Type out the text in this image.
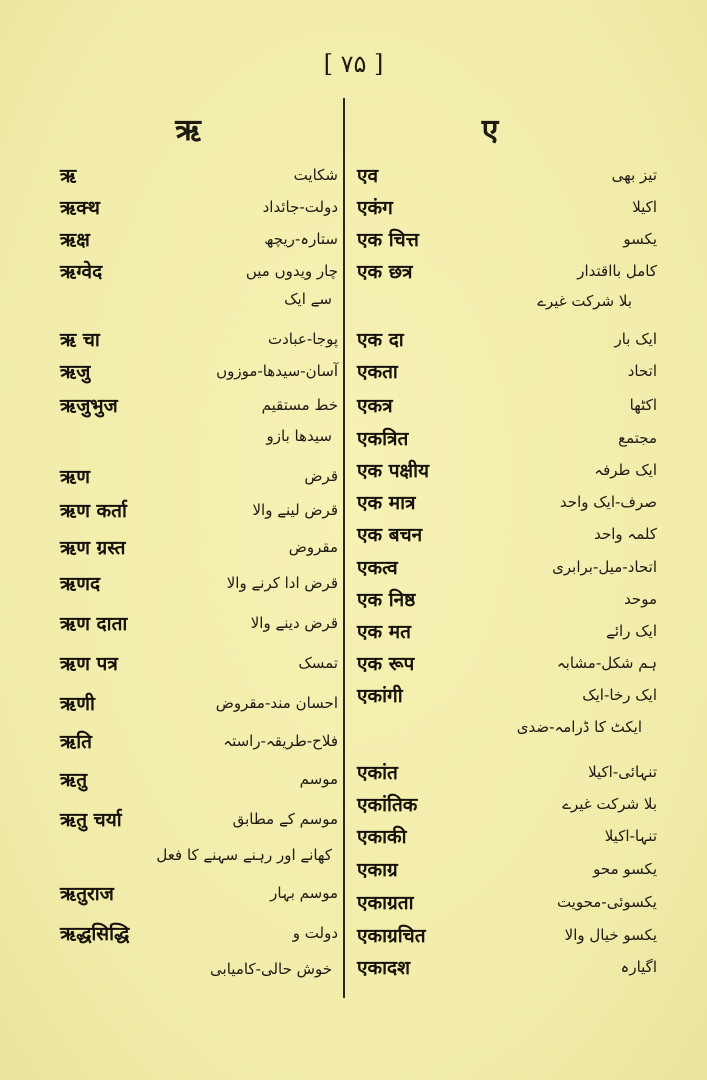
[ ۷۵ ]
ए
ऋ
एव	تیز بھی
एकंग	اکیلا
एक चित्त	یکسو
एक छत्र	کامل بااقتدار
بلا شرکت غیرے
एक दा	ایک بار
एकता	اتحاد
एकत्र	اکٹھا
एकत्रित	مجتمع
एक पक्षीय	ایک طرفہ
एक मात्र	صرف-ایک واحد
एक बचन	کلمہ واحد
एकत्व	اتحاد-میل-برابری
एक निष्ठ	موحد
एक मत	ایک رائے
एक रूप	ہم شکل-مشابہ
एकांगी	ایک رخا-ایک
ایکٹ کا ڈرامہ-ضدی
एकांत	تنہائی-اکیلا
एकांतिक	بلا شرکت غیرے
एकाकी	تنہا-اکیلا
एकाग्र	یکسو محو
एकाग्रता	یکسوئی-محویت
एकाग्रचित	یکسو خیال والا
एकादश	اگیارہ
ऋ	شکایت
ऋक्थ	دولت-جائداد
ऋक्ष	ستارہ-ریچھ
ऋग्वेद	چار ویدوں میں
سے ایک
ऋ चा	پوجا-عبادت
ऋजु	آسان-سیدھا-موزوں
ऋजुभुज	خط مستقیم
سیدھا بازو
ऋण	قرض
ऋण कर्ता	قرض لینے والا
ऋण ग्रस्त	مقروض
ऋणद	قرض ادا کرنے والا
ऋण दाता	قرض دینے والا
ऋण पत्र	تمسک
ऋणी	احسان مند-مقروض
ऋति	فلاح-طریقہ-راستہ
ऋतु	موسم
ऋतु चर्या	موسم کے مطابق
کھانے اور رہنے سہنے کا فعل
ऋतुराज	موسم بہار
ऋद्धसिद्धि	دولت و
خوش حالی-کامیابی
